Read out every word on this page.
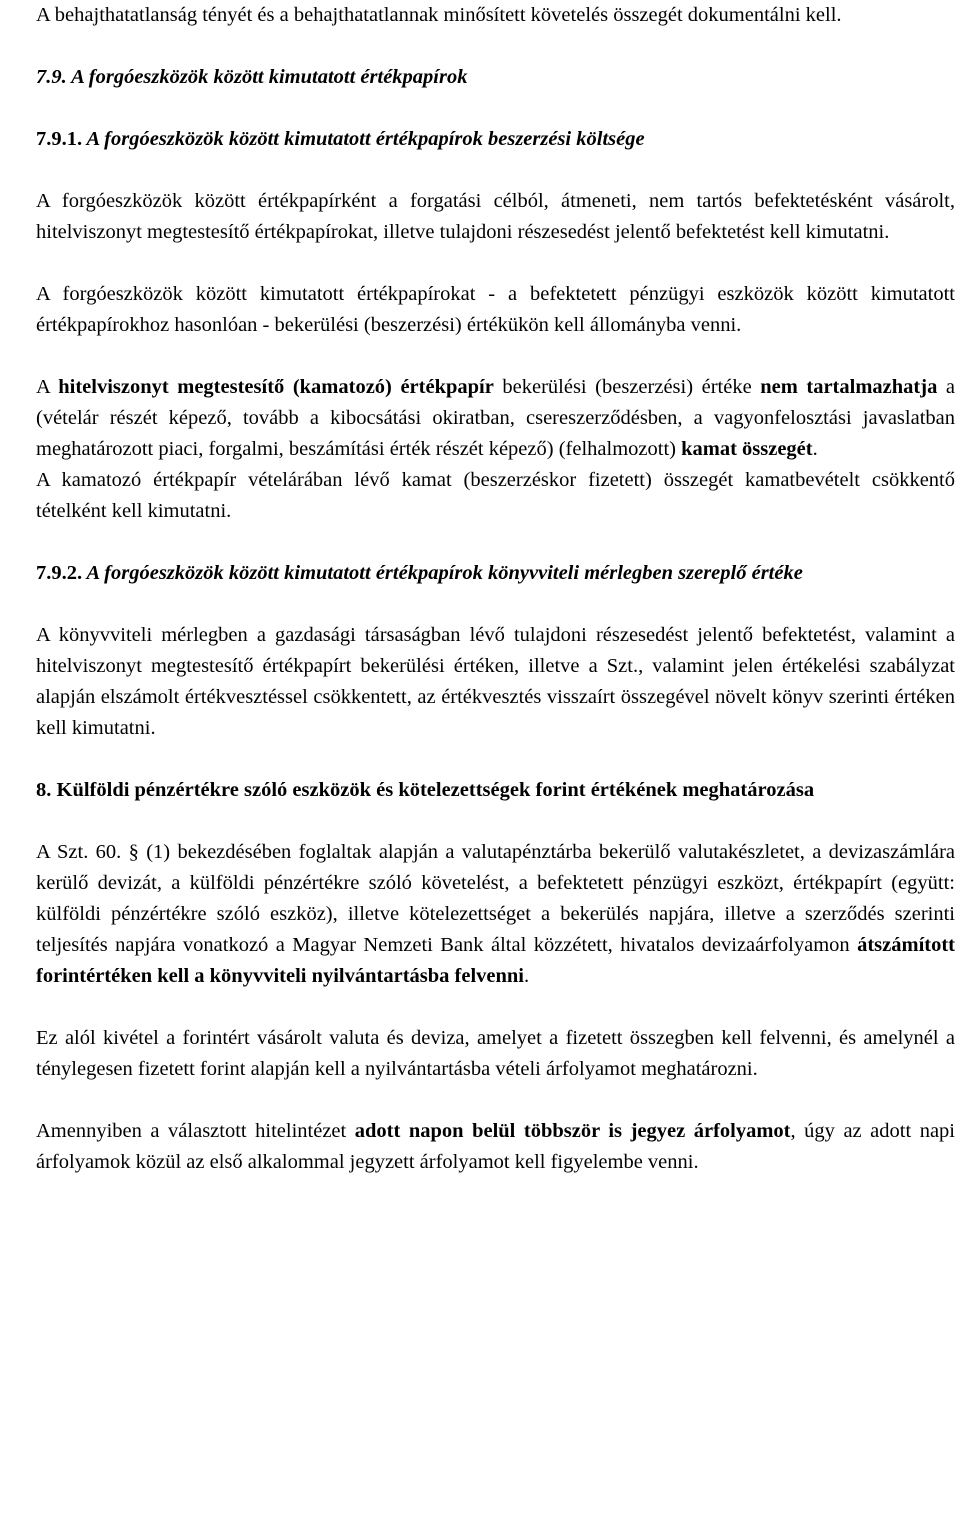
A behajthatatlanság tényét és a behajthatatlannak minősített követelés összegét dokumentálni kell.

7.9. A forgóeszközök között kimutatott értékpapírok

7.9.1. A forgóeszközök között kimutatott értékpapírok beszerzési költsége

A forgóeszközök között értékpapírként a forgatási célból, átmeneti, nem tartós befektetésként vásárolt, hitelviszonyt megtestesítő értékpapírokat, illetve tulajdoni részesedést jelentő befektetést kell kimutatni.

A forgóeszközök között kimutatott értékpapírokat - a befektetett pénzügyi eszközök között kimutatott értékpapírokhoz hasonlóan - bekerülési (beszerzési) értékükön kell állományba venni.

A hitelviszonyt megtestesítő (kamatozó) értékpapír bekerülési (beszerzési) értéke nem tartalmazhatja a (vételár részét képező, tovább a kibocsátási okiratban, csereszerződésben, a vagyonfelosztási javaslatban meghatározott piaci, forgalmi, beszámítási érték részét képező) (felhalmozott) kamat összegét.

A kamatozó értékpapír vételárában lévő kamat (beszerzéskor fizetett) összegét kamatbevételt csökkentő tételként kell kimutatni.

7.9.2. A forgóeszközök között kimutatott értékpapírok könyvviteli mérlegben szereplő értéke

A könyvviteli mérlegben a gazdasági társaságban lévő tulajdoni részesedést jelentő befektetést, valamint a hitelviszonyt megtestesítő értékpapírt bekerülési értéken, illetve a Szt., valamint jelen értékelési szabályzat alapján elszámolt értékvesztéssel csökkentett, az értékvesztés visszaírt összegével növelt könyv szerinti értéken kell kimutatni.

8. Külföldi pénzértékre szóló eszközök és kötelezettségek forint értékének meghatározása

A Szt. 60. § (1) bekezdésében foglaltak alapján a valutapénztárba bekerülő valutakészletet, a devizaszámlára kerülő devizát, a külföldi pénzértékre szóló követelést, a befektetett pénzügyi eszközt, értékpapírt (együtt: külföldi pénzértékre szóló eszköz), illetve kötelezettséget a bekerülés napjára, illetve a szerződés szerinti teljesítés napjára vonatkozó a Magyar Nemzeti Bank által közzétett, hivatalos devizaárfolyamon átszámított forintértéken kell a könyvviteli nyilvántartásba felvenni.

Ez alól kivétel a forintért vásárolt valuta és deviza, amelyet a fizetett összegben kell felvenni, és amelynél a ténylegesen fizetett forint alapján kell a nyilvántartásba vételi árfolyamot meghatározni.

Amennyiben a választott hitelintézet adott napon belül többször is jegyez árfolyamot, úgy az adott napi árfolyamok közül az első alkalommal jegyzett árfolyamot kell figyelembe venni.
